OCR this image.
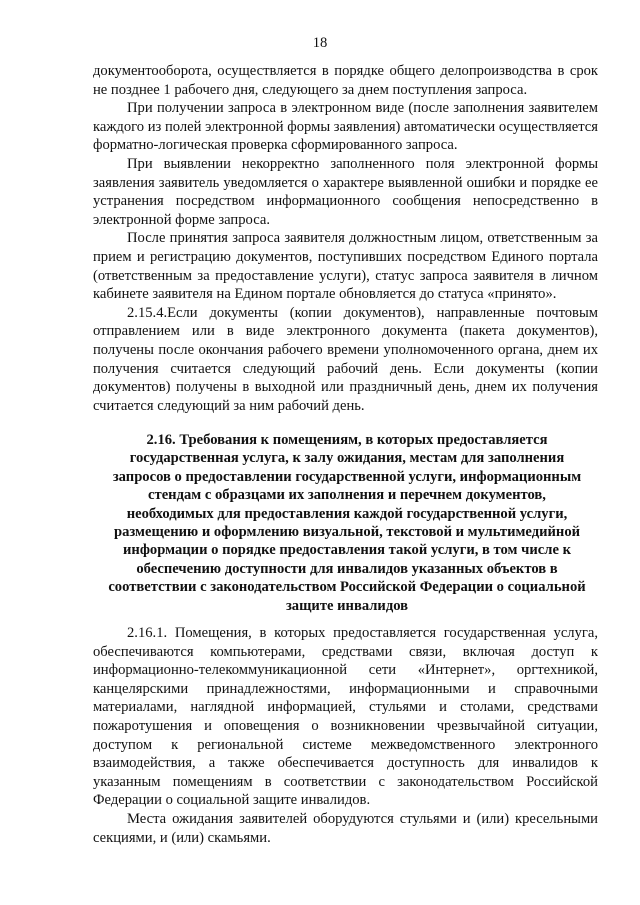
18

документооборота, осуществляется в порядке общего делопроизводства в срок не позднее 1 рабочего дня, следующего за днем поступления запроса.

При получении запроса в электронном виде (после заполнения заявителем каждого из полей электронной формы заявления) автоматически осуществляется форматно-логическая проверка сформированного запроса.

При выявлении некорректно заполненного поля электронной формы заявления заявитель уведомляется о характере выявленной ошибки и порядке ее устранения посредством информационного сообщения непосредственно в электронной форме запроса.

После принятия запроса заявителя должностным лицом, ответственным за прием и регистрацию документов, поступивших посредством Единого портала (ответственным за предоставление услуги), статус запроса заявителя в личном кабинете заявителя на Едином портале обновляется до статуса «принято».

2.15.4.Если документы (копии документов), направленные почтовым отправлением или в виде электронного документа (пакета документов), получены после окончания рабочего времени уполномоченного органа, днем их получения считается следующий рабочий день. Если документы (копии документов) получены в выходной или праздничный день, днем их получения считается следующий за ним рабочий день.

2.16. Требования к помещениям, в которых предоставляется государственная услуга, к залу ожидания, местам для заполнения запросов о предоставлении государственной услуги, информационным стендам с образцами их заполнения и перечнем документов, необходимых для предоставления каждой государственной услуги, размещению и оформлению визуальной, текстовой и мультимедийной информации о порядке предоставления такой услуги, в том числе к обеспечению доступности для инвалидов указанных объектов в соответствии с законодательством Российской Федерации о социальной защите инвалидов

2.16.1. Помещения, в которых предоставляется государственная услуга, обеспечиваются компьютерами, средствами связи, включая доступ к информационно-телекоммуникационной сети «Интернет», оргтехникой, канцелярскими принадлежностями, информационными и справочными материалами, наглядной информацией, стульями и столами, средствами пожаротушения и оповещения о возникновении чрезвычайной ситуации, доступом к региональной системе межведомственного электронного взаимодействия, а также обеспечивается доступность для инвалидов к указанным помещениям в соответствии с законодательством Российской Федерации о социальной защите инвалидов.

Места ожидания заявителей оборудуются стульями и (или) кресельными секциями, и (или) скамьями.
